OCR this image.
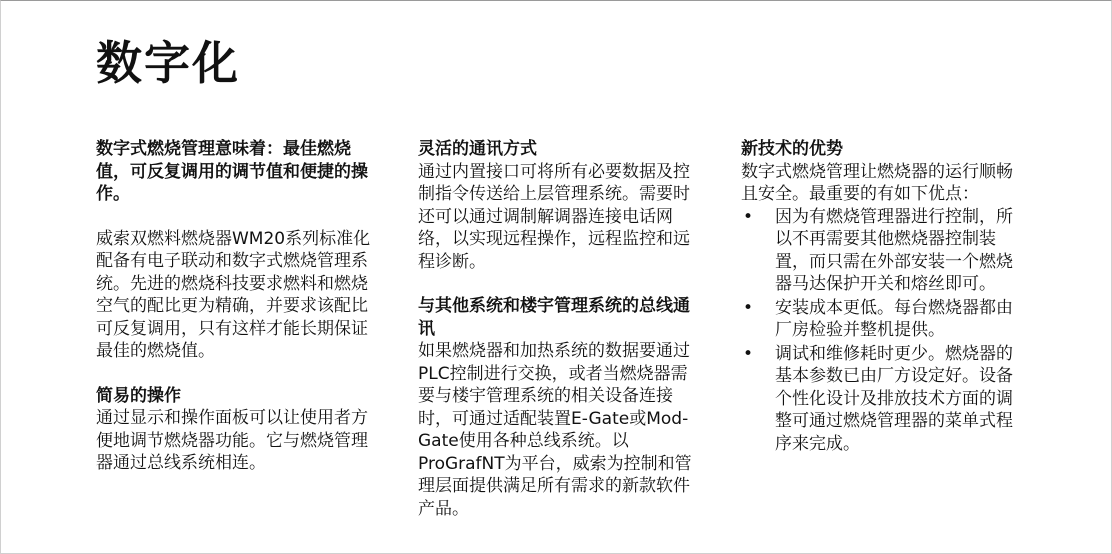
数字化

数字式燃烧管理意味着：最佳燃烧值，可反复调用的调节值和便捷的操作。

威索双燃料燃烧器WM20系列标准化配备有电子联动和数字式燃烧管理系统。先进的燃烧科技要求燃料和燃烧空气的配比更为精确，并要求该配比可反复调用，只有这样才能长期保证最佳的燃烧值。

简易的操作

通过显示和操作面板可以让使用者方便地调节燃烧器功能。它与燃烧管理器通过总线系统相连。

灵活的通讯方式

通过内置接口可将所有必要数据及控制指令传送给上层管理系统。需要时还可以通过调制解调器连接电话网络，以实现远程操作，远程监控和远程诊断。

与其他系统和楼宇管理系统的总线通讯

如果燃烧器和加热系统的数据要通过PLC控制进行交换，或者当燃烧器需要与楼宇管理系统的相关设备连接时，可通过适配装置E-Gate或Mod-Gate使用各种总线系统。以ProGrafNT为平台，威索为控制和管理层面提供满足所有需求的新款软件产品。

新技术的优势

数字式燃烧管理让燃烧器的运行顺畅且安全。最重要的有如下优点：

• 因为有燃烧管理器进行控制，所以不再需要其他燃烧器控制装置，而只需在外部安装一个燃烧器马达保护开关和熔丝即可。
• 安装成本更低。每台燃烧器都由厂房检验并整机提供。
• 调试和维修耗时更少。燃烧器的基本参数已由厂方设定好。设备个性化设计及排放技术方面的调整可通过燃烧管理器的菜单式程序来完成。
